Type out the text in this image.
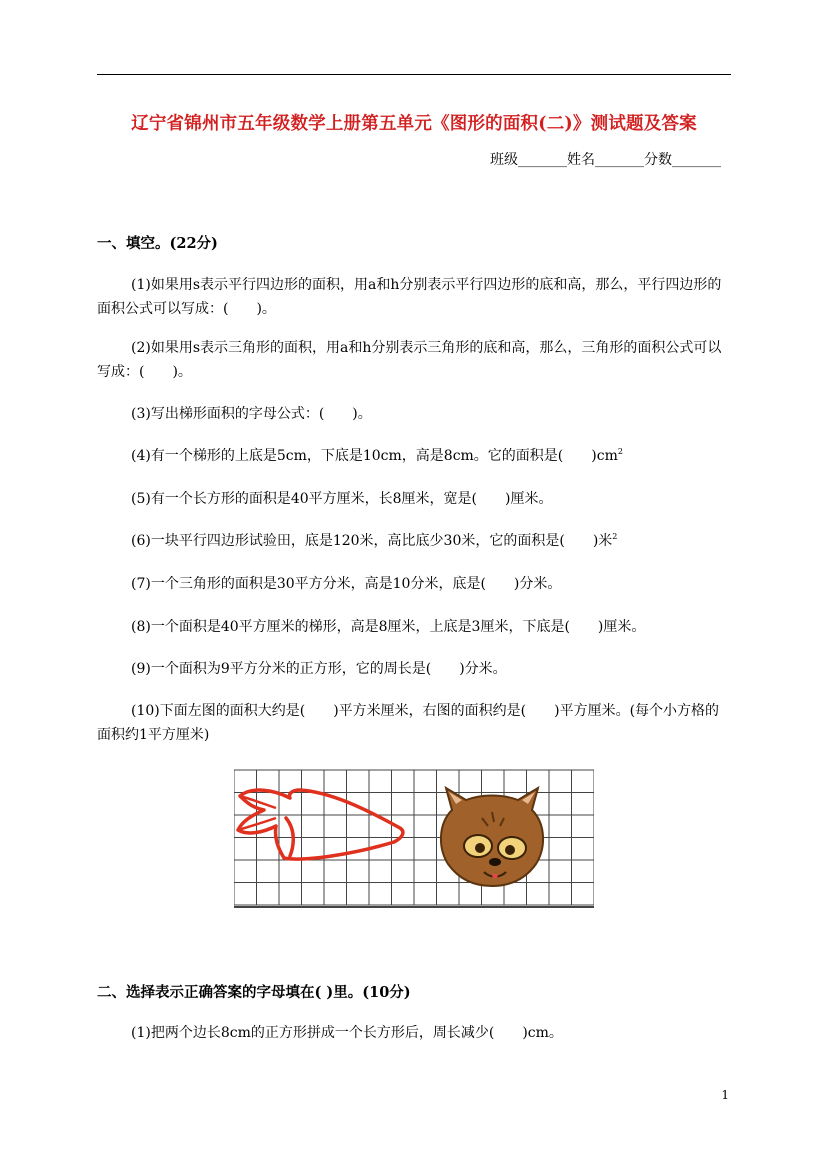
辽宁省锦州市五年级数学上册第五单元《图形的面积(二)》测试题及答案
班级_______姓名_______分数_______
一、填空。(22分)
(1)如果用s表示平行四边形的面积，用a和h分别表示平行四边形的底和高，那么，平行四边形的面积公式可以写成：(　　)。
(2)如果用s表示三角形的面积，用a和h分别表示三角形的底和高，那么，三角形的面积公式可以写成：(　　)。
(3)写出梯形面积的字母公式：(　　)。
(4)有一个梯形的上底是5cm，下底是10cm，高是8cm。它的面积是(　　)$cm^2$
(5)有一个长方形的面积是40平方厘米，长8厘米，宽是(　　)厘米。
(6)一块平行四边形试验田，底是120米，高比底少30米，它的面积是(　　)米$^2$
(7)一个三角形的面积是30平方分米，高是10分米，底是(　　)分米。
(8)一个面积是40平方厘米的梯形，高是8厘米，上底是3厘米，下底是(　　)厘米。
(9)一个面积为9平方分米的正方形，它的周长是(　　)分米。
(10)下面左图的面积大约是(　　)平方米厘米，右图的面积约是(　　)平方厘米。(每个小方格的面积约1平方厘米)
二、选择表示正确答案的字母填在( )里。(10分)
(1)把两个边长8cm的正方形拼成一个长方形后，周长减少(　　)cm。
1
